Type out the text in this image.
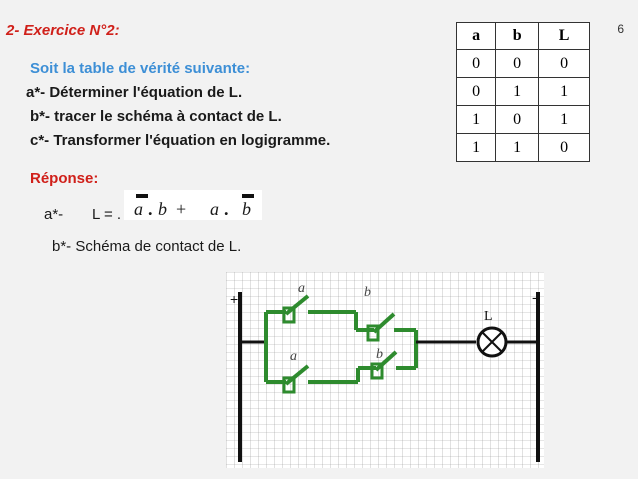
6
2- Exercice N°2:
Soit la table de vérité suivante:
a*- Déterminer l'équation de L.
b*- tracer le schéma à contact de L.
c*- Transformer l'équation en logigramme.
Réponse:
a*- L = . a . b + a . b
b*- Schéma de contact de L.
a	b	L
0	0	0
0	1	1
1	0	1
1	1	0
+	-
a	b
a	b
L
